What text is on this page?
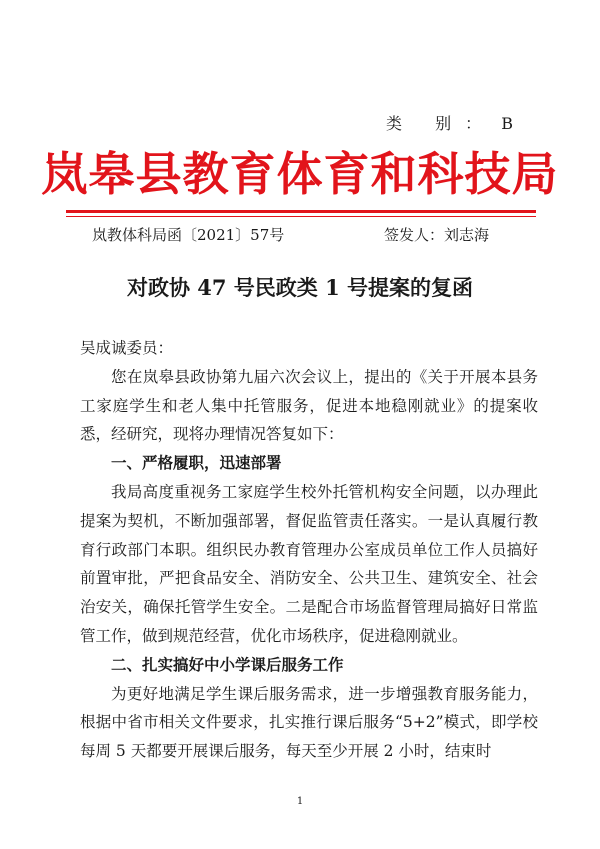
类 别： B
岚皋县教育体育和科技局
岚教体科局函〔2021〕57号	签发人：刘志海
对政协 47 号民政类 1 号提案的复函

吴成诚委员：

您在岚皋县政协第九届六次会议上，提出的《关于开展本县务工家庭学生和老人集中托管服务，促进本地稳刚就业》的提案收悉，经研究，现将办理情况答复如下：

一、严格履职，迅速部署

我局高度重视务工家庭学生校外托管机构安全问题，以办理此提案为契机，不断加强部署，督促监管责任落实。一是认真履行教育行政部门本职。组织民办教育管理办公室成员单位工作人员搞好前置审批，严把食品安全、消防安全、公共卫生、建筑安全、社会治安关，确保托管学生安全。二是配合市场监督管理局搞好日常监管工作，做到规范经营，优化市场秩序，促进稳刚就业。

二、扎实搞好中小学课后服务工作

为更好地满足学生课后服务需求，进一步增强教育服务能力，根据中省市相关文件要求，扎实推行课后服务“5+2”模式，即学校每周 5 天都要开展课后服务，每天至少开展 2 小时，结束时

1
